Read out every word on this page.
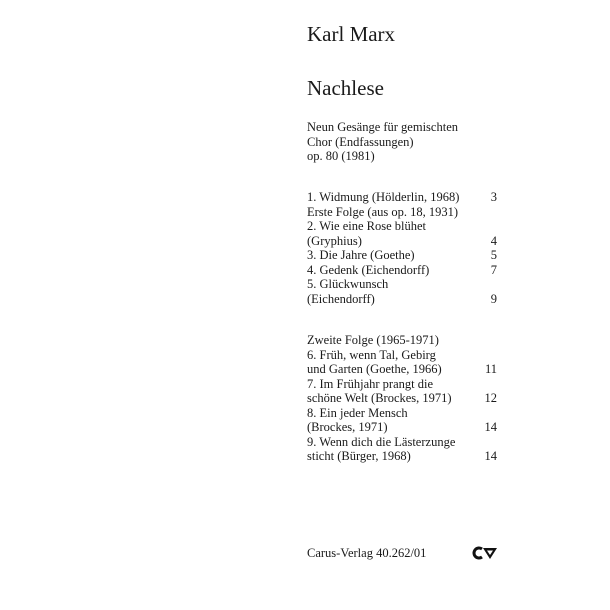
Karl Marx
Nachlese
Neun Gesänge für gemischten
Chor (Endfassungen)
op. 80 (1981)
1. Widmung (Hölderlin, 1968)	3
Erste Folge (aus op. 18, 1931)
2. Wie eine Rose blühet
(Gryphius)	4
3. Die Jahre (Goethe)	5
4. Gedenk (Eichendorff)	7
5. Glückwunsch
(Eichendorff)	9
Zweite Folge (1965-1971)
6. Früh, wenn Tal, Gebirg
und Garten (Goethe, 1966)	11
7. Im Frühjahr prangt die
schöne Welt (Brockes, 1971)	12
8. Ein jeder Mensch
(Brockes, 1971)	14
9. Wenn dich die Lästerzunge
sticht (Bürger, 1968)	14
Carus-Verlag 40.262/01
